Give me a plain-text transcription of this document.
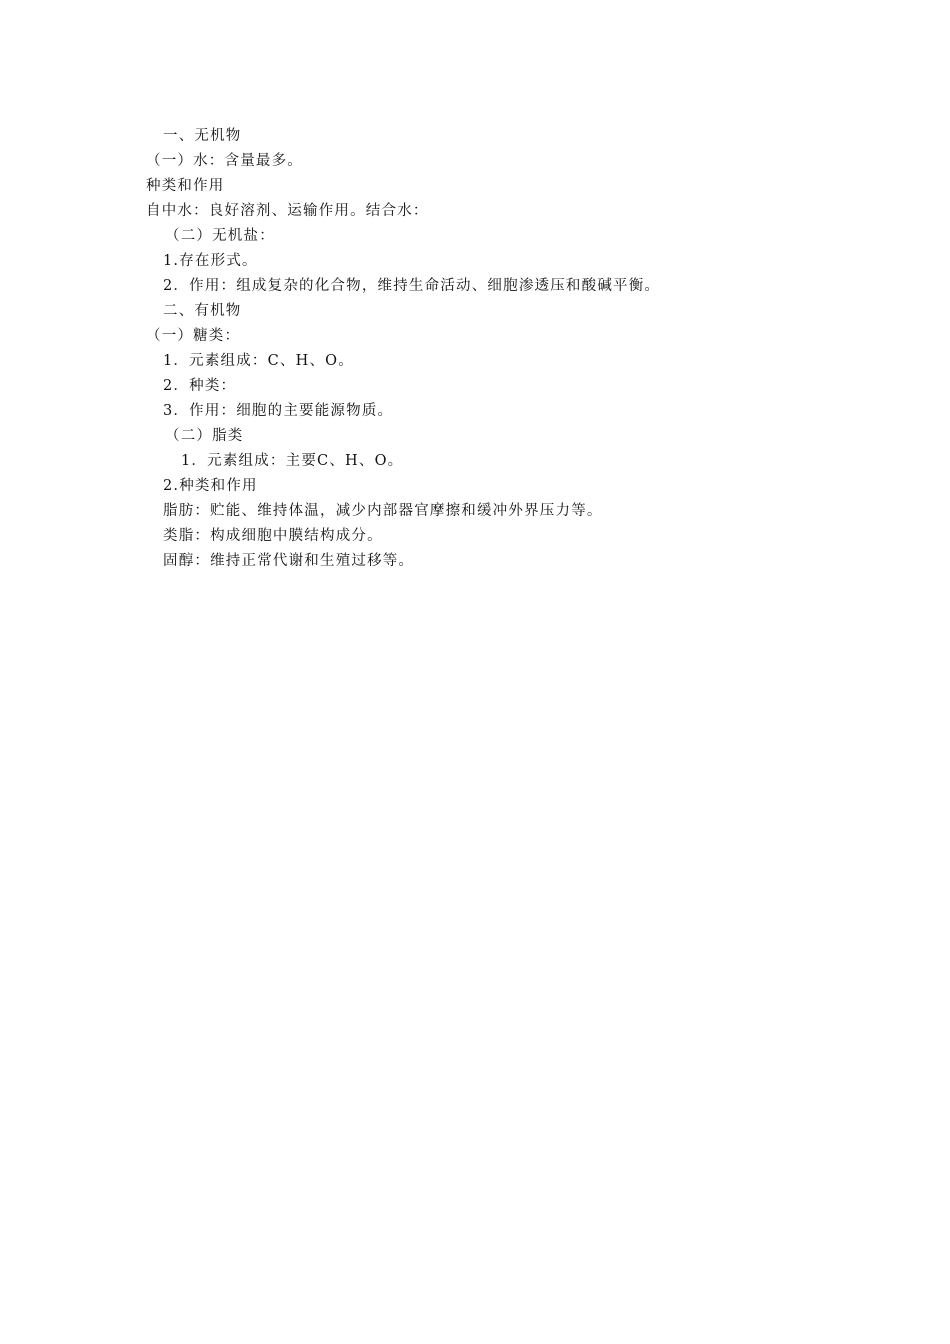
一、无机物
（一）水：含量最多。
种类和作用
自中水：良好溶剂、运输作用。结合水：
（二）无机盐：
1.存在形式。
2．作用：组成复杂的化合物，维持生命活动、细胞渗透压和酸碱平衡。
二、有机物
（一）糖类：
1．元素组成：C、H、O。
2．种类：
3．作用：细胞的主要能源物质。
（二）脂类
1．元素组成：主要C、H、O。
2.种类和作用
脂肪：贮能、维持体温，减少内部器官摩擦和缓冲外界压力等。
类脂：构成细胞中膜结构成分。
固醇：维持正常代谢和生殖过移等。
